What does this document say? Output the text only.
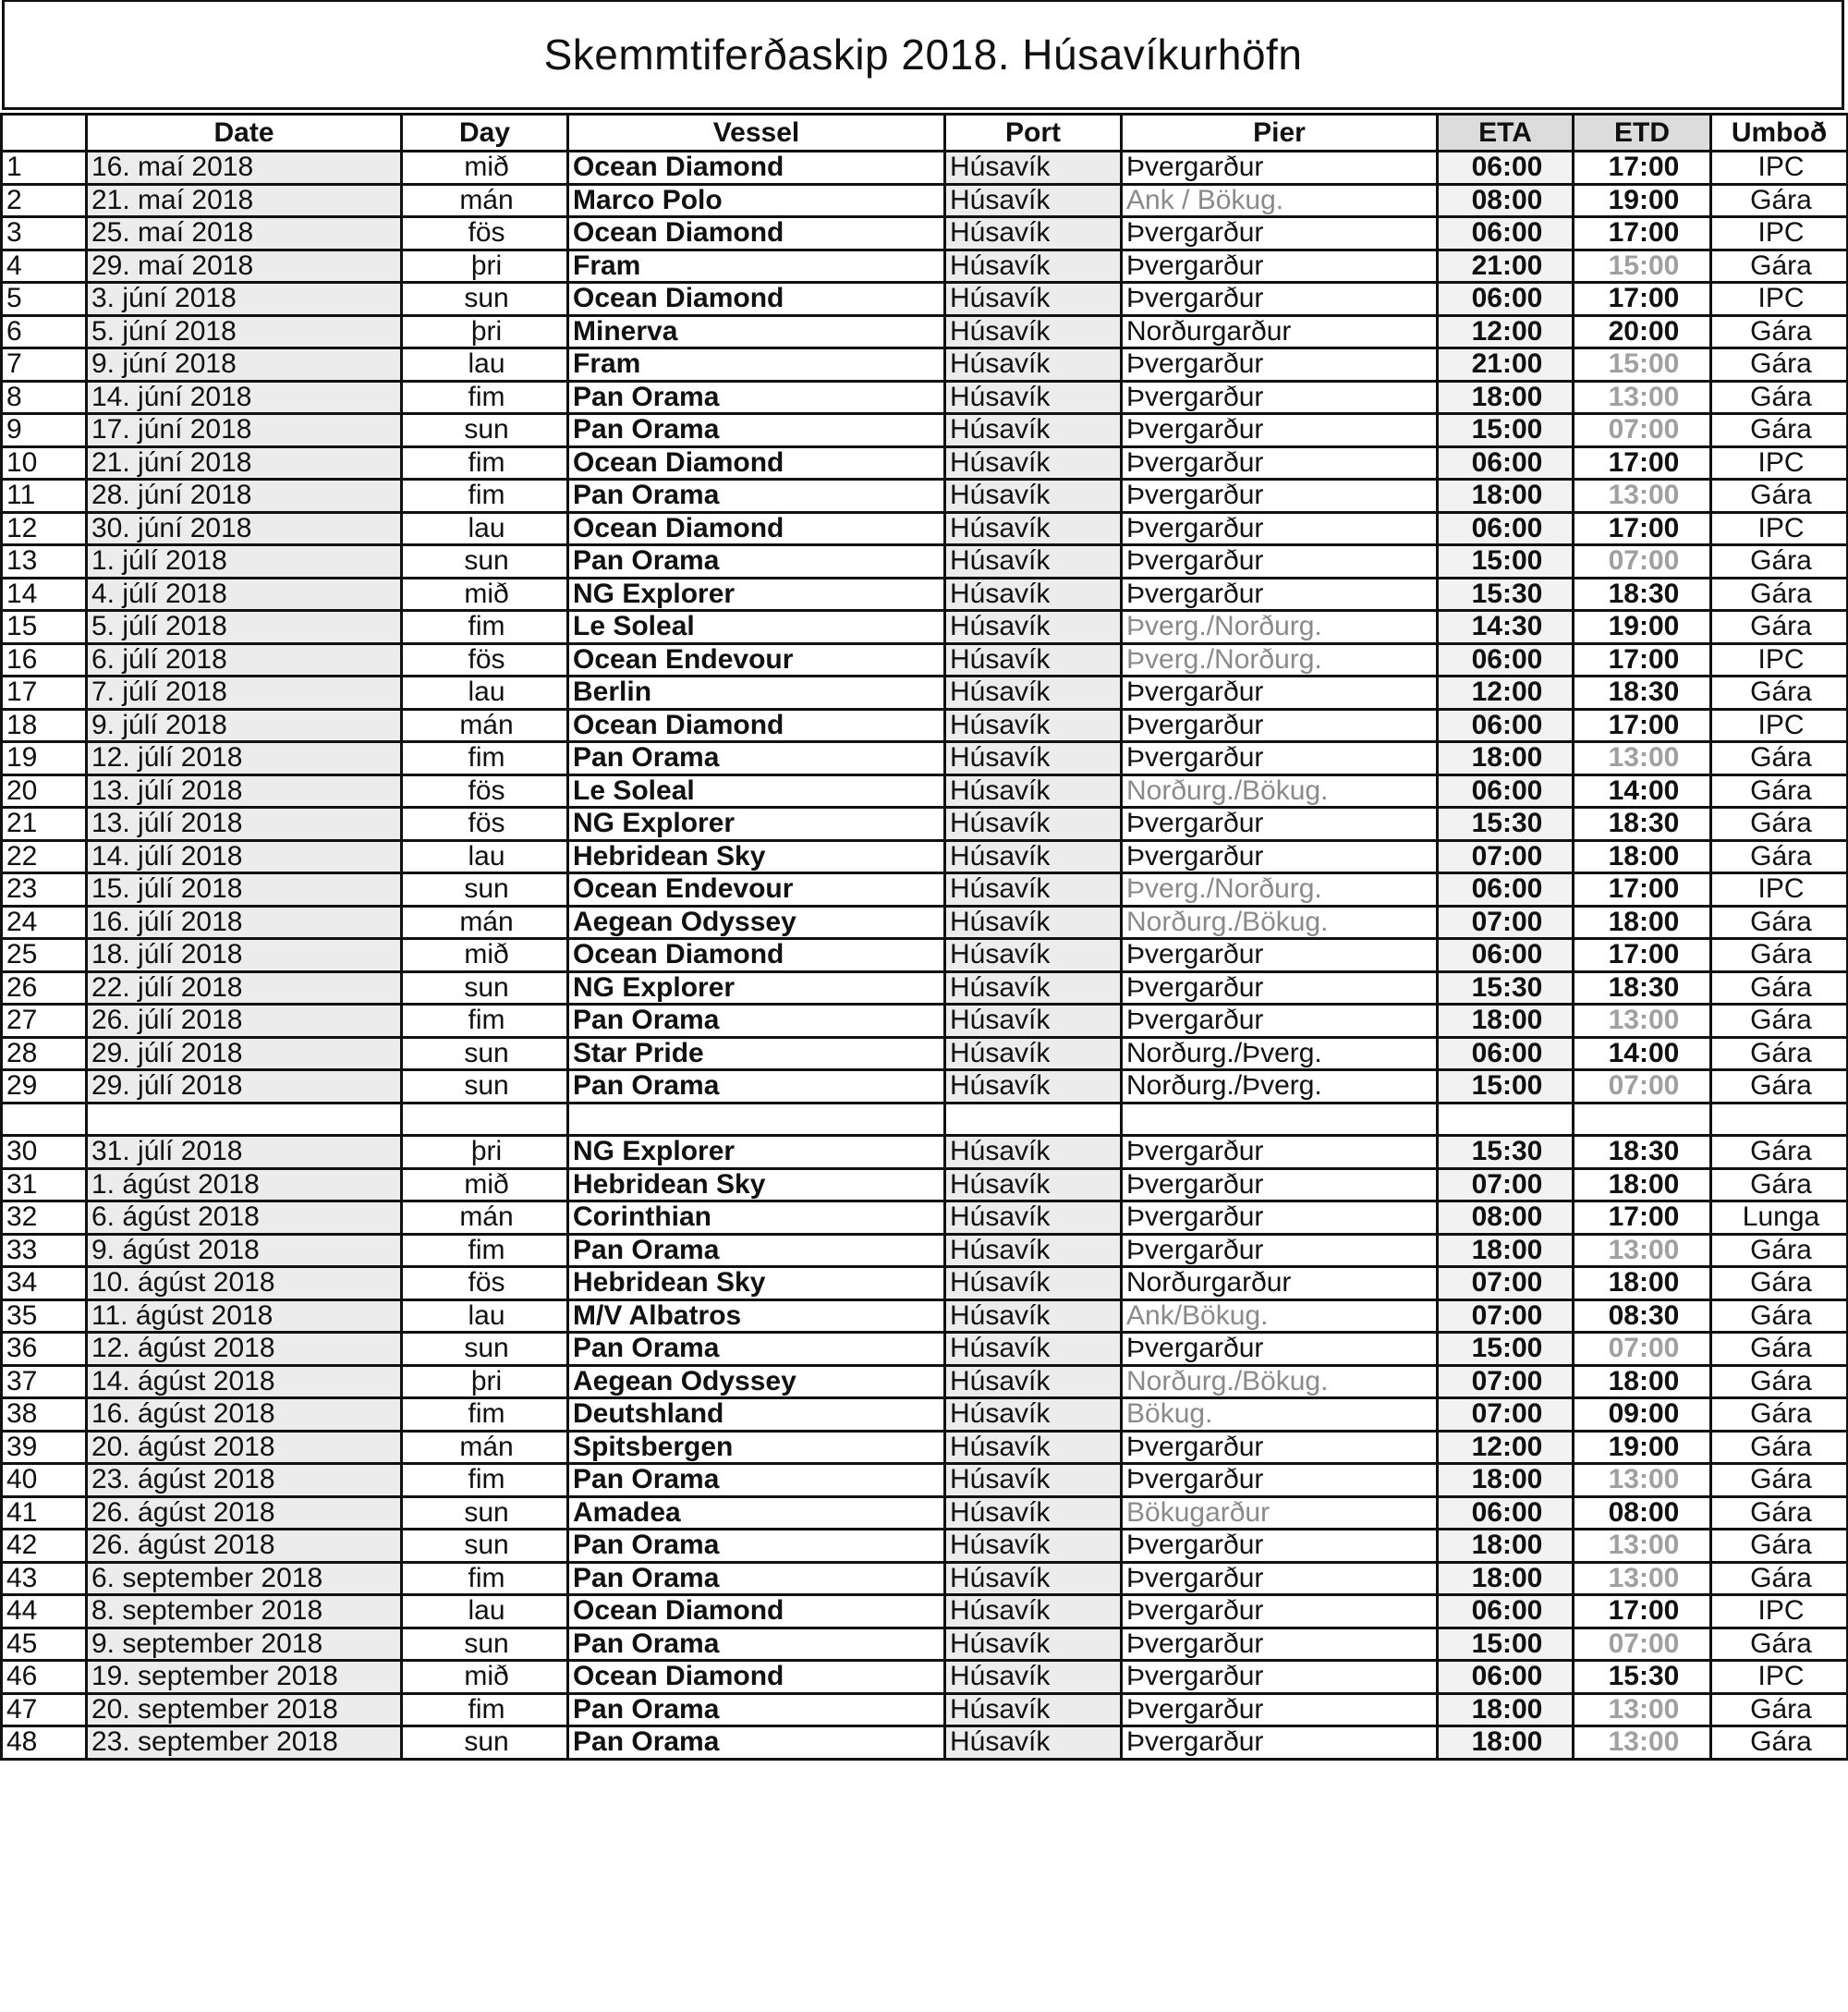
Skemmtiferðaskip 2018. Húsavíkurhöfn
	Date	Day	Vessel	Port	Pier	ETA	ETD	Umboð
1	16. maí 2018	mið	Ocean Diamond	Húsavík	Þvergarður	06:00	17:00	IPC
2	21. maí 2018	mán	Marco Polo	Húsavík	Ank / Bökug.	08:00	19:00	Gára
3	25. maí 2018	fös	Ocean Diamond	Húsavík	Þvergarður	06:00	17:00	IPC
4	29. maí 2018	þri	Fram	Húsavík	Þvergarður	21:00	15:00	Gára
5	3. júní 2018	sun	Ocean Diamond	Húsavík	Þvergarður	06:00	17:00	IPC
6	5. júní 2018	þri	Minerva	Húsavík	Norðurgarður	12:00	20:00	Gára
7	9. júní 2018	lau	Fram	Húsavík	Þvergarður	21:00	15:00	Gára
8	14. júní 2018	fim	Pan Orama	Húsavík	Þvergarður	18:00	13:00	Gára
9	17. júní 2018	sun	Pan Orama	Húsavík	Þvergarður	15:00	07:00	Gára
10	21. júní 2018	fim	Ocean Diamond	Húsavík	Þvergarður	06:00	17:00	IPC
11	28. júní 2018	fim	Pan Orama	Húsavík	Þvergarður	18:00	13:00	Gára
12	30. júní 2018	lau	Ocean Diamond	Húsavík	Þvergarður	06:00	17:00	IPC
13	1. júlí 2018	sun	Pan Orama	Húsavík	Þvergarður	15:00	07:00	Gára
14	4. júlí 2018	mið	NG Explorer	Húsavík	Þvergarður	15:30	18:30	Gára
15	5. júlí 2018	fim	Le Soleal	Húsavík	Þverg./Norðurg.	14:30	19:00	Gára
16	6. júlí 2018	fös	Ocean Endevour	Húsavík	Þverg./Norðurg.	06:00	17:00	IPC
17	7. júlí 2018	lau	Berlin	Húsavík	Þvergarður	12:00	18:30	Gára
18	9. júlí 2018	mán	Ocean Diamond	Húsavík	Þvergarður	06:00	17:00	IPC
19	12. júlí 2018	fim	Pan Orama	Húsavík	Þvergarður	18:00	13:00	Gára
20	13. júlí 2018	fös	Le Soleal	Húsavík	Norðurg./Bökug.	06:00	14:00	Gára
21	13. júlí 2018	fös	NG Explorer	Húsavík	Þvergarður	15:30	18:30	Gára
22	14. júlí 2018	lau	Hebridean Sky	Húsavík	Þvergarður	07:00	18:00	Gára
23	15. júlí 2018	sun	Ocean Endevour	Húsavík	Þverg./Norðurg.	06:00	17:00	IPC
24	16. júlí 2018	mán	Aegean Odyssey	Húsavík	Norðurg./Bökug.	07:00	18:00	Gára
25	18. júlí 2018	mið	Ocean Diamond	Húsavík	Þvergarður	06:00	17:00	Gára
26	22. júlí 2018	sun	NG Explorer	Húsavík	Þvergarður	15:30	18:30	Gára
27	26. júlí 2018	fim	Pan Orama	Húsavík	Þvergarður	18:00	13:00	Gára
28	29. júlí 2018	sun	Star Pride	Húsavík	Norðurg./Þverg.	06:00	14:00	Gára
29	29. júlí 2018	sun	Pan Orama	Húsavík	Norðurg./Þverg.	15:00	07:00	Gára

30	31. júlí 2018	þri	NG Explorer	Húsavík	Þvergarður	15:30	18:30	Gára
31	1. ágúst 2018	mið	Hebridean Sky	Húsavík	Þvergarður	07:00	18:00	Gára
32	6. ágúst 2018	mán	Corinthian	Húsavík	Þvergarður	08:00	17:00	Lunga
33	9. ágúst 2018	fim	Pan Orama	Húsavík	Þvergarður	18:00	13:00	Gára
34	10. ágúst 2018	fös	Hebridean Sky	Húsavík	Norðurgarður	07:00	18:00	Gára
35	11. ágúst 2018	lau	M/V Albatros	Húsavík	Ank/Bökug.	07:00	08:30	Gára
36	12. ágúst 2018	sun	Pan Orama	Húsavík	Þvergarður	15:00	07:00	Gára
37	14. ágúst 2018	þri	Aegean Odyssey	Húsavík	Norðurg./Bökug.	07:00	18:00	Gára
38	16. ágúst 2018	fim	Deutshland	Húsavík	Bökug.	07:00	09:00	Gára
39	20. ágúst 2018	mán	Spitsbergen	Húsavík	Þvergarður	12:00	19:00	Gára
40	23. ágúst 2018	fim	Pan Orama	Húsavík	Þvergarður	18:00	13:00	Gára
41	26. ágúst 2018	sun	Amadea	Húsavík	Bökugarður	06:00	08:00	Gára
42	26. ágúst 2018	sun	Pan Orama	Húsavík	Þvergarður	18:00	13:00	Gára
43	6. september 2018	fim	Pan Orama	Húsavík	Þvergarður	18:00	13:00	Gára
44	8. september 2018	lau	Ocean Diamond	Húsavík	Þvergarður	06:00	17:00	IPC
45	9. september 2018	sun	Pan Orama	Húsavík	Þvergarður	15:00	07:00	Gára
46	19. september 2018	mið	Ocean Diamond	Húsavík	Þvergarður	06:00	15:30	IPC
47	20. september 2018	fim	Pan Orama	Húsavík	Þvergarður	18:00	13:00	Gára
48	23. september 2018	sun	Pan Orama	Húsavík	Þvergarður	18:00	13:00	Gára
